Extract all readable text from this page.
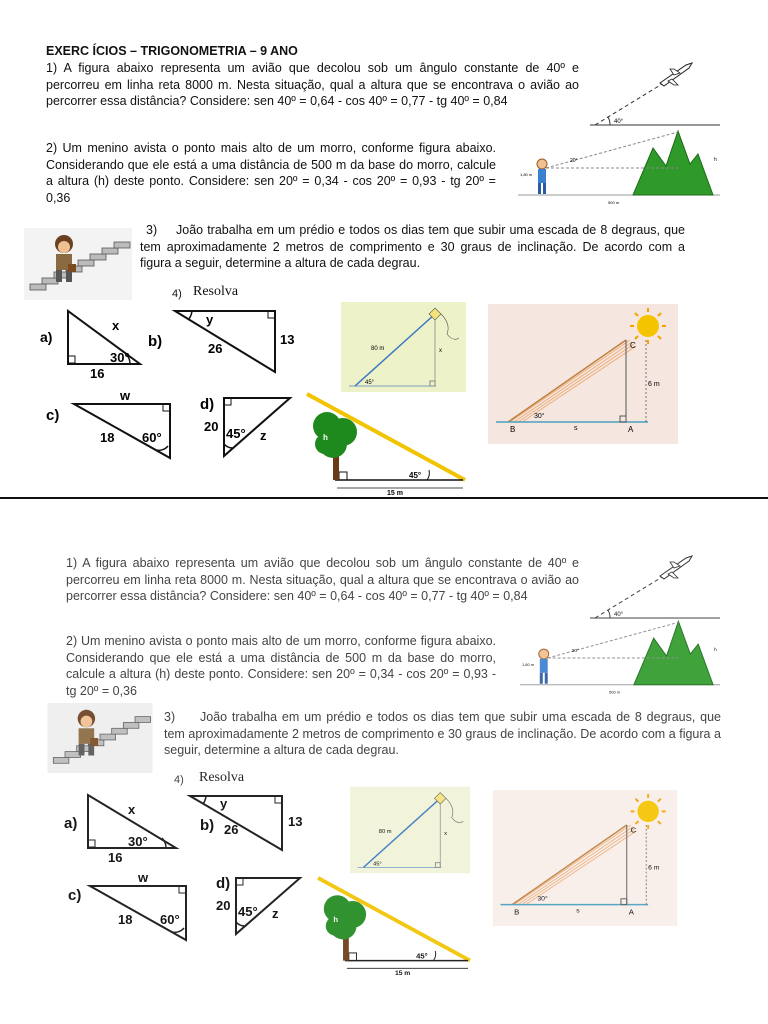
EXERC ÍCIOS – TRIGONOMETRIA – 9 ANO
1) A figura abaixo representa um avião que decolou sob um ângulo constante de 40º e percorreu em linha reta 8000 m. Nesta situação, qual a altura que se encontrava o avião ao percorrer essa distância? Considere: sen 40º = 0,64 - cos 40º = 0,77 - tg 40º = 0,84
40°
2) Um menino avista o ponto mais alto de um morro, conforme figura abaixo. Considerando que ele está a uma distância de 500 m da base do morro, calcule a altura (h) deste ponto. Considere: sen 20º = 0,34 - cos 20º = 0,93 - tg 20º = 0,36
20°
1,80 m
500 m
h
3)	João trabalha em um prédio e todos os dias tem que subir uma escada de 8 degraus, que tem aproximadamente 2 metros de comprimento e 30 graus de inclinação. De acordo com a figura a seguir, determine a altura de cada degrau.
4) Resolva
a)
x
30°
16
b)
y
26
13
c)
w
18 60°
d)
20 45° z
80 m	x
45°
h
45°
15 m
C
6 m
B	A
30°
s
1) A figura abaixo representa um avião que decolou sob um ângulo constante de 40º e percorreu em linha reta 8000 m. Nesta situação, qual a altura que se encontrava o avião ao percorrer essa distância? Considere: sen 40º = 0,64 - cos 40º = 0,77 - tg 40º = 0,84
40°
2) Um menino avista o ponto mais alto de um morro, conforme figura abaixo. Considerando que ele está a uma distância de 500 m da base do morro, calcule a altura (h) deste ponto. Considere: sen 20º = 0,34 - cos 20º = 0,93 - tg 20º = 0,36
20°
1,80 m
500 m
h
3)	João trabalha em um prédio e todos os dias tem que subir uma escada de 8 degraus, que tem aproximadamente 2 metros de comprimento e 30 graus de inclinação. De acordo com a figura a seguir, determine a altura de cada degrau.
4) Resolva
a)
x
30°
16
b)
y
26
13
c)
w
18 60°
d)
20 45° z
80 m	x
45°
h
45°
15 m
C
6 m
B	A
30°
s
